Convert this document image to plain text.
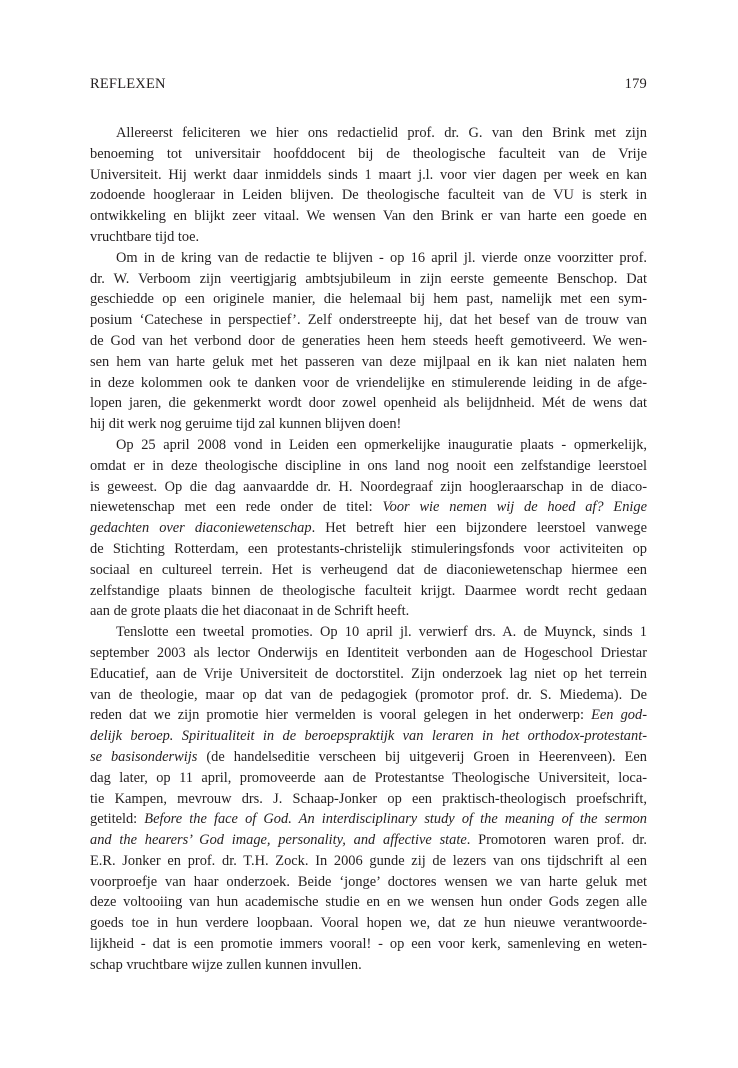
REFLEXEN	179
Allereerst feliciteren we hier ons redactielid prof. dr. G. van den Brink met zijn
benoeming tot universitair hoofddocent bij de theologische faculteit van de Vrije
Universiteit. Hij werkt daar inmiddels sinds 1 maart j.l. voor vier dagen per week en kan
zodoende hoogleraar in Leiden blijven. De theologische faculteit van de VU is sterk in
ontwikkeling en blijkt zeer vitaal. We wensen Van den Brink er van harte een goede en
vruchtbare tijd toe.
Om in de kring van de redactie te blijven - op 16 april jl. vierde onze voorzitter prof.
dr. W. Verboom zijn veertigjarig ambtsjubileum in zijn eerste gemeente Benschop. Dat
geschiedde op een originele manier, die helemaal bij hem past, namelijk met een sym-
posium ‘Catechese in perspectief’. Zelf onderstreepte hij, dat het besef van de trouw van
de God van het verbond door de generaties heen hem steeds heeft gemotiveerd. We wen-
sen hem van harte geluk met het passeren van deze mijlpaal en ik kan niet nalaten hem
in deze kolommen ook te danken voor de vriendelijke en stimulerende leiding in de afge-
lopen jaren, die gekenmerkt wordt door zowel openheid als belijdnheid. Mét de wens dat
hij dit werk nog geruime tijd zal kunnen blijven doen!
Op 25 april 2008 vond in Leiden een opmerkelijke inauguratie plaats - opmerkelijk,
omdat er in deze theologische discipline in ons land nog nooit een zelfstandige leerstoel
is geweest. Op die dag aanvaardde dr. H. Noordegraaf zijn hoogleraarschap in de diaco-
niewetenschap met een rede onder de titel: Voor wie nemen wij de hoed af? Enige
gedachten over diaconiewetenschap. Het betreft hier een bijzondere leerstoel vanwege
de Stichting Rotterdam, een protestants-christelijk stimuleringsfonds voor activiteiten op
sociaal en cultureel terrein. Het is verheugend dat de diaconiewetenschap hiermee een
zelfstandige plaats binnen de theologische faculteit krijgt. Daarmee wordt recht gedaan
aan de grote plaats die het diaconaat in de Schrift heeft.
Tenslotte een tweetal promoties. Op 10 april jl. verwierf drs. A. de Muynck, sinds 1
september 2003 als lector Onderwijs en Identiteit verbonden aan de Hogeschool Driestar
Educatief, aan de Vrije Universiteit de doctorstitel. Zijn onderzoek lag niet op het terrein
van de theologie, maar op dat van de pedagogiek (promotor prof. dr. S. Miedema). De
reden dat we zijn promotie hier vermelden is vooral gelegen in het onderwerp: Een god-
delijk beroep. Spiritualiteit in de beroepspraktijk van leraren in het orthodox-protestant-
se basisonderwijs (de handelseditie verscheen bij uitgeverij Groen in Heerenveen). Een
dag later, op 11 april, promoveerde aan de Protestantse Theologische Universiteit, loca-
tie Kampen, mevrouw drs. J. Schaap-Jonker op een praktisch-theologisch proefschrift,
getiteld: Before the face of God. An interdisciplinary study of the meaning of the sermon
and the hearers’ God image, personality, and affective state. Promotoren waren prof. dr.
E.R. Jonker en prof. dr. T.H. Zock. In 2006 gunde zij de lezers van ons tijdschrift al een
voorproefje van haar onderzoek. Beide ‘jonge’ doctores wensen we van harte geluk met
deze voltooiing van hun academische studie en en we wensen hun onder Gods zegen alle
goeds toe in hun verdere loopbaan. Vooral hopen we, dat ze hun nieuwe verantwoorde-
lijkheid - dat is een promotie immers vooral! - op een voor kerk, samenleving en weten-
schap vruchtbare wijze zullen kunnen invullen.
